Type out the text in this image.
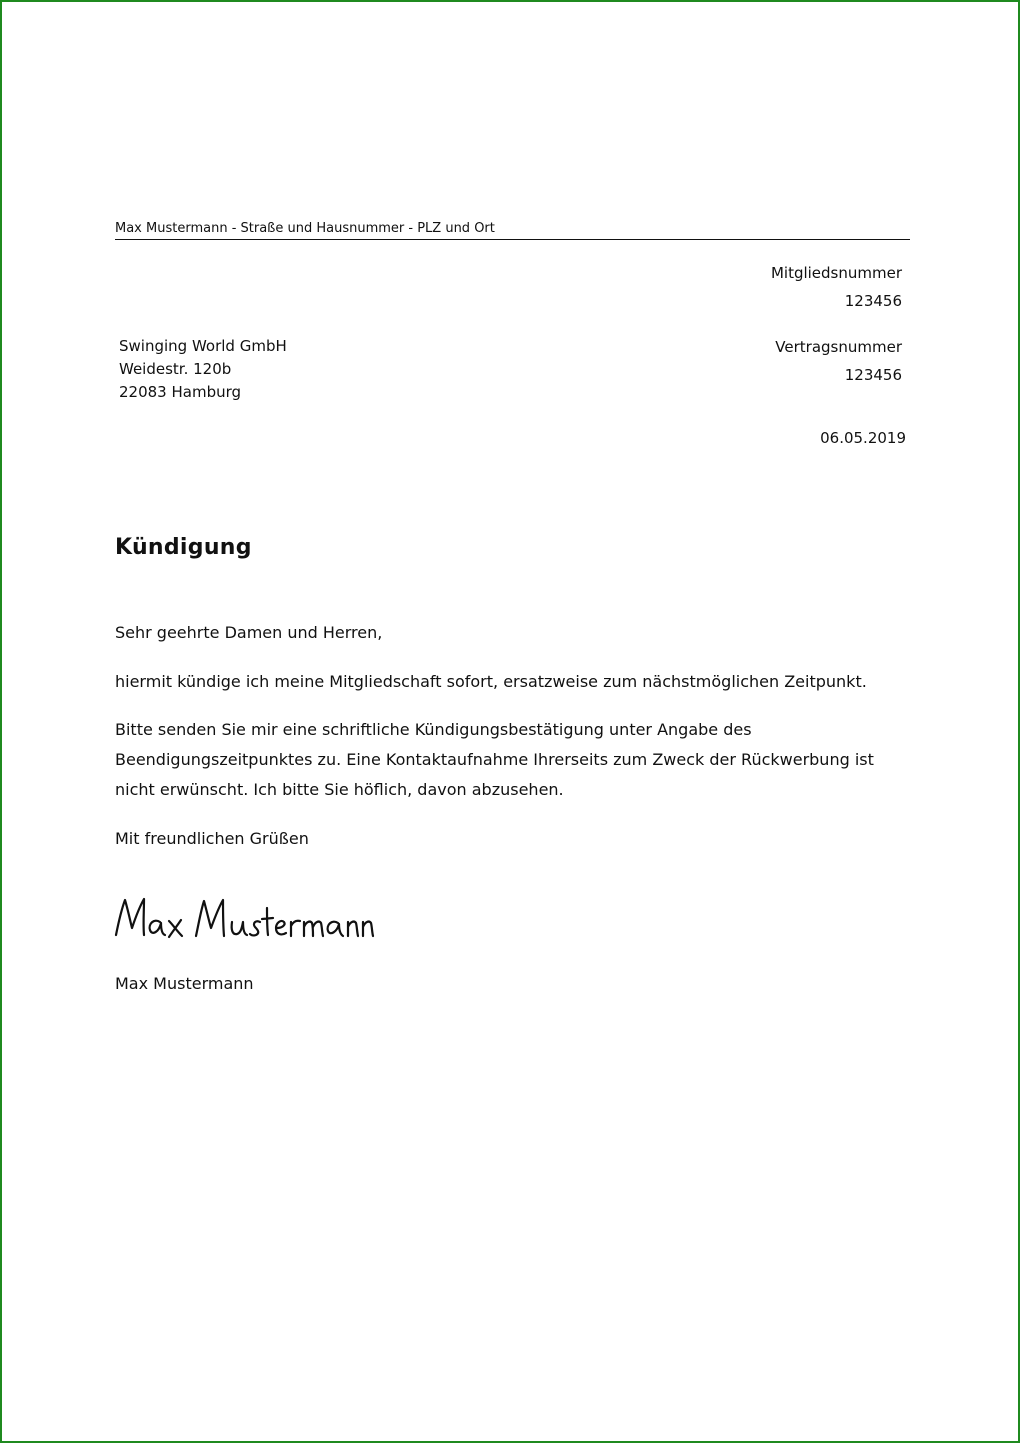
Max Mustermann - Straße und Hausnummer - PLZ und Ort
Swinging World GmbH
Weidestr. 120b
22083 Hamburg
Mitgliedsnummer
123456
Vertragsnummer
123456
06.05.2019
Kündigung
Sehr geehrte Damen und Herren,
hiermit kündige ich meine Mitgliedschaft sofort, ersatzweise zum nächstmöglichen Zeitpunkt.
Bitte senden Sie mir eine schriftliche Kündigungsbestätigung unter Angabe des Beendigungszeitpunktes zu. Eine Kontaktaufnahme Ihrerseits zum Zweck der Rückwerbung ist nicht erwünscht. Ich bitte Sie höflich, davon abzusehen.
Mit freundlichen Grüßen
Max Mustermann
